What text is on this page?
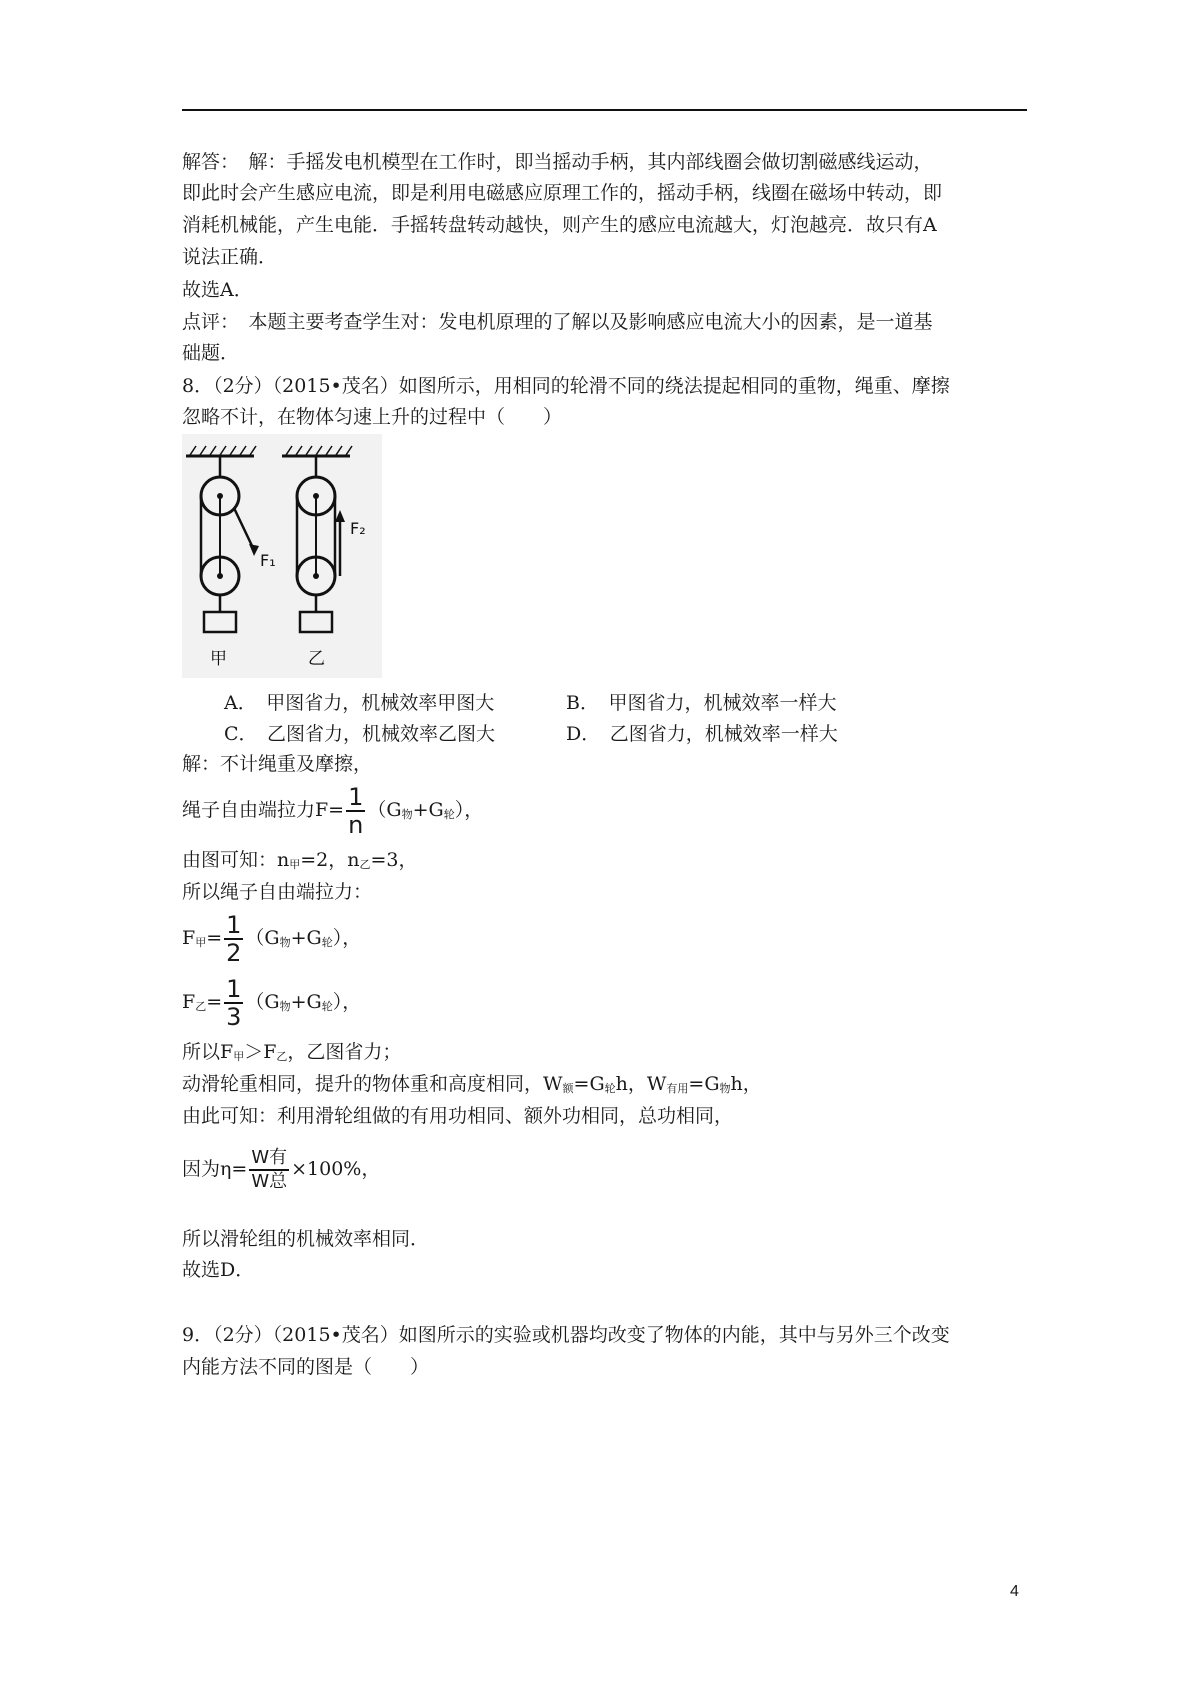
解答：　解：手摇发电机模型在工作时，即当摇动手柄，其内部线圈会做切割磁感线运动，
即此时会产生感应电流，即是利用电磁感应原理工作的，摇动手柄，线圈在磁场中转动，即
消耗机械能，产生电能．手摇转盘转动越快，则产生的感应电流越大，灯泡越亮．故只有A
说法正确．
故选A．
点评：　本题主要考查学生对：发电机原理的了解以及影响感应电流大小的因素，是一道基
础题．
8．（2分）（2015•茂名）如图所示，用相同的轮滑不同的绕法提起相同的重物，绳重、摩擦
忽略不计，在物体匀速上升的过程中（　　）
F₁
甲
F₂
乙
A．　甲图省力，机械效率甲图大	B．　甲图省力，机械效率一样大
C．　乙图省力，机械效率乙图大	D．　乙图省力，机械效率一样大
解：不计绳重及摩擦，
绳子自由端拉力$F= \frac{1}{n} (G_物+G_轮)$，
由图可知：$n_甲=2$，$n_乙=3$，
所以绳子自由端拉力：
$F_甲= \frac{1}{2} (G_物+G_轮)$，
$F_乙= \frac{1}{3} (G_物+G_轮)$，
所以$F_甲>F_乙$，乙图省力；
动滑轮重相同，提升的物体重和高度相同，$W_额=G_轮h$，$W_{有用}=G_物h$，
由此可知：利用滑轮组做的有用功相同、额外功相同，总功相同，
因为$\eta= \frac{\text{W有}}{\text{W总}} \times 100\%$，
所以滑轮组的机械效率相同．
故选D．
9．（2分）（2015•茂名）如图所示的实验或机器均改变了物体的内能，其中与另外三个改变
内能方法不同的图是（　　）
4
